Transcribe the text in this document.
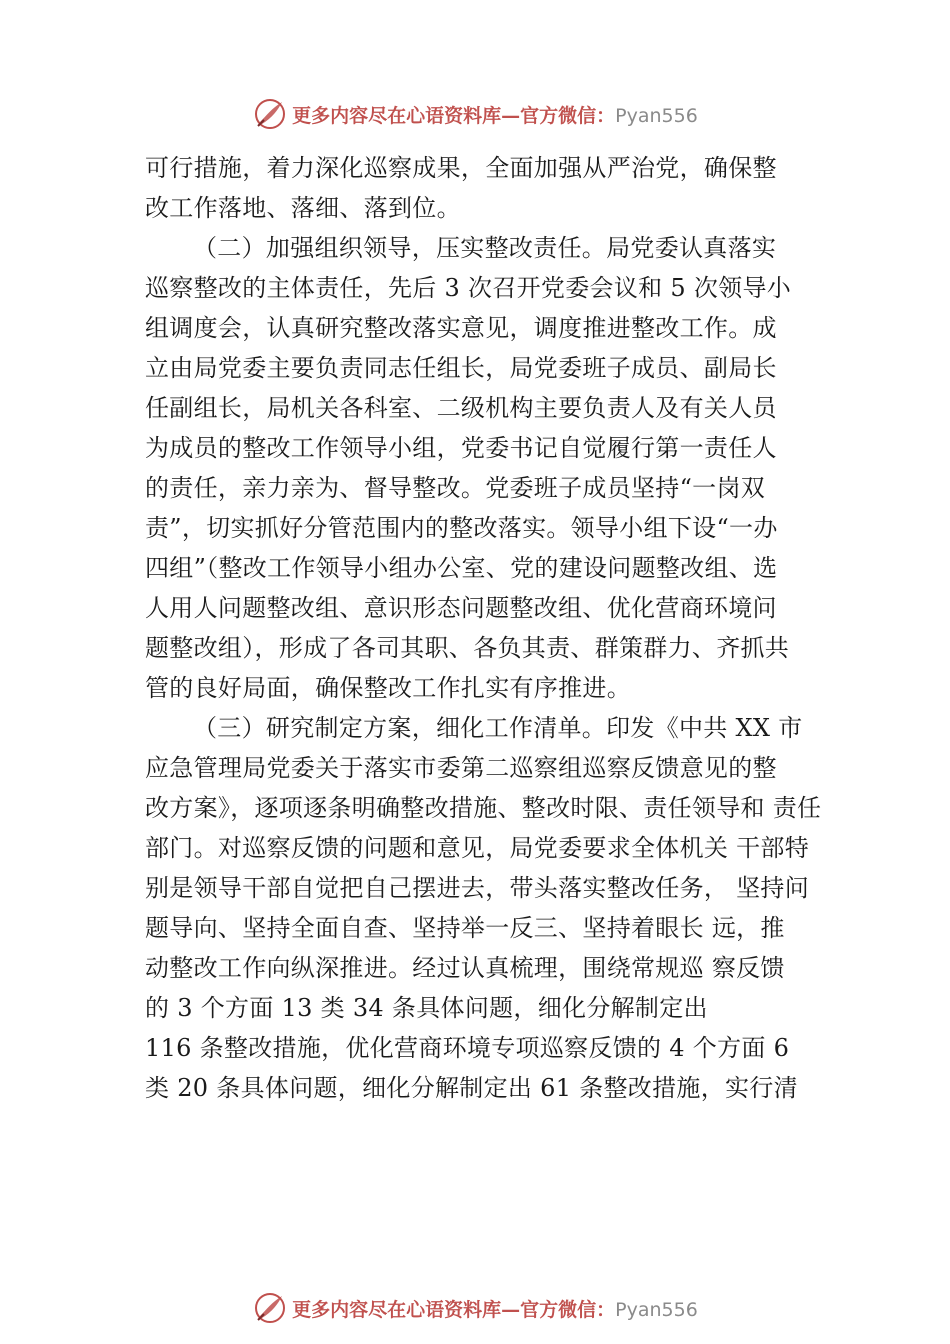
更多内容尽在心语资料库—官方微信：Pyan556
可行措施，着力深化巡察成果，全面加强从严治党，确保整
改工作落地、落细、落到位。
（二）加强组织领导，压实整改责任。局党委认真落实
巡察整改的主体责任，先后 3 次召开党委会议和 5 次领导小
组调度会，认真研究整改落实意见，调度推进整改工作。成
立由局党委主要负责同志任组长，局党委班子成员、副局长
任副组长，局机关各科室、二级机构主要负责人及有关人员
为成员的整改工作领导小组，党委书记自觉履行第一责任人
的责任，亲力亲为、督导整改。党委班子成员坚持“一岗双
责”，切实抓好分管范围内的整改落实。领导小组下设“一办
四组”（整改工作领导小组办公室、党的建设问题整改组、选
人用人问题整改组、意识形态问题整改组、优化营商环境问
题整改组），形成了各司其职、各负其责、群策群力、齐抓共
管的良好局面，确保整改工作扎实有序推进。
（三）研究制定方案，细化工作清单。印发《中共 XX 市
应急管理局党委关于落实市委第二巡察组巡察反馈意见的整
改方案》，逐项逐条明确整改措施、整改时限、责任领导和 责任
部门。对巡察反馈的问题和意见，局党委要求全体机关 干部特
别是领导干部自觉把自己摆进去，带头落实整改任务， 坚持问
题导向、坚持全面自查、坚持举一反三、坚持着眼长 远，推
动整改工作向纵深推进。经过认真梳理，围绕常规巡 察反馈
的 3 个方面 13 类 34 条具体问题，细化分解制定出
116 条整改措施，优化营商环境专项巡察反馈的 4 个方面 6
类 20 条具体问题，细化分解制定出 61 条整改措施，实行清
更多内容尽在心语资料库—官方微信：Pyan556
